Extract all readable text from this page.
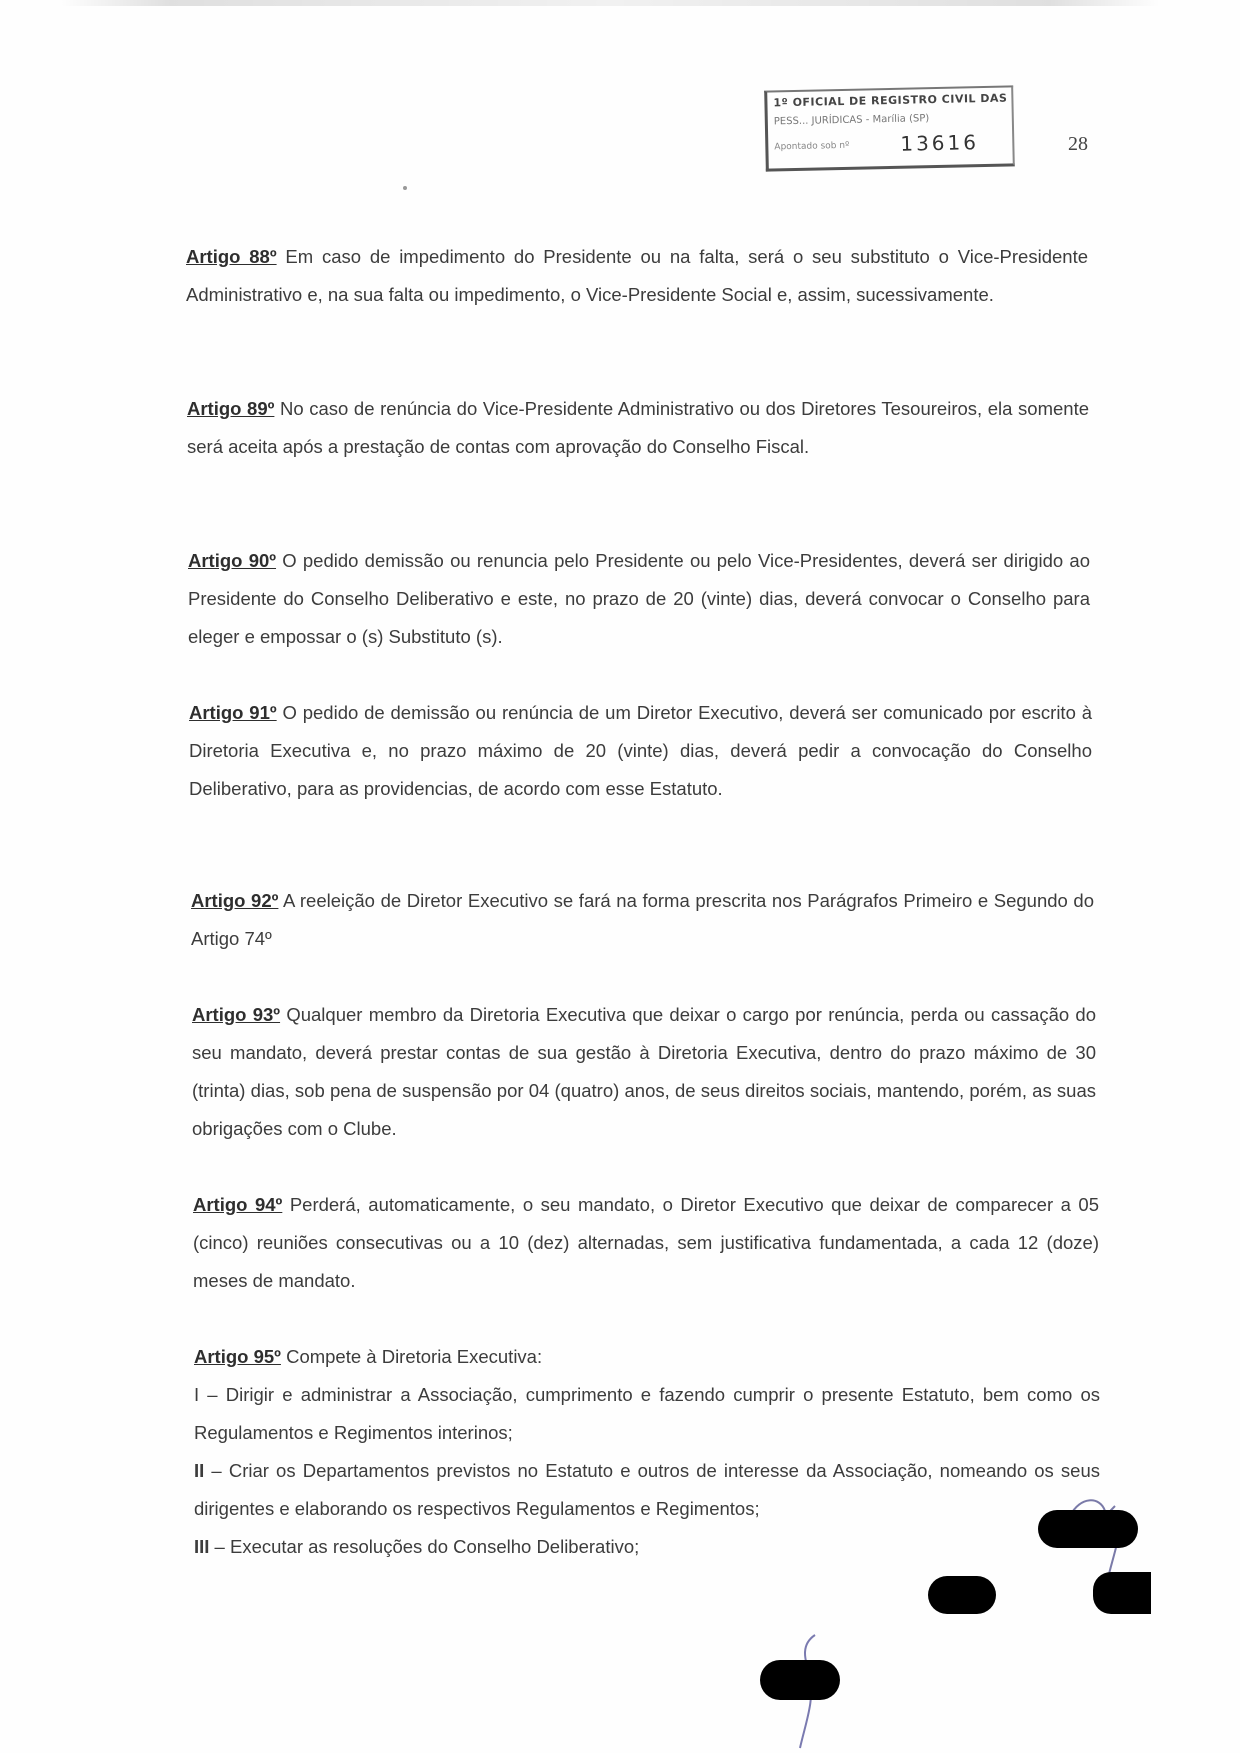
1º OFICIAL DE REGISTRO CIVIL DAS
PESS... JURÍDICAS - Marília (SP)
Apontado sob nº	13616	28
Artigo 88º Em caso de impedimento do Presidente ou na falta, será o seu substituto o Vice-Presidente Administrativo e, na sua falta ou impedimento, o Vice-Presidente Social e, assim, sucessivamente.
Artigo 89º No caso de renúncia do Vice-Presidente Administrativo ou dos Diretores Tesoureiros, ela somente será aceita após a prestação de contas com aprovação do Conselho Fiscal.
Artigo 90º O pedido demissão ou renuncia pelo Presidente ou pelo Vice-Presidentes, deverá ser dirigido ao Presidente do Conselho Deliberativo e este, no prazo de 20 (vinte) dias, deverá convocar o Conselho para eleger e empossar o (s) Substituto (s).
Artigo 91º O pedido de demissão ou renúncia de um Diretor Executivo, deverá ser comunicado por escrito à Diretoria Executiva e, no prazo máximo de 20 (vinte) dias, deverá pedir a convocação do Conselho Deliberativo, para as providencias, de acordo com esse Estatuto.
Artigo 92º A reeleição de Diretor Executivo se fará na forma prescrita nos Parágrafos Primeiro e Segundo do Artigo 74º
Artigo 93º Qualquer membro da Diretoria Executiva que deixar o cargo por renúncia, perda ou cassação do seu mandato, deverá prestar contas de sua gestão à Diretoria Executiva, dentro do prazo máximo de 30 (trinta) dias, sob pena de suspensão por 04 (quatro) anos, de seus direitos sociais, mantendo, porém, as suas obrigações com o Clube.
Artigo 94º Perderá, automaticamente, o seu mandato, o Diretor Executivo que deixar de comparecer a 05 (cinco) reuniões consecutivas ou a 10 (dez) alternadas, sem justificativa fundamentada, a cada 12 (doze) meses de mandato.

Artigo 95º Compete à Diretoria Executiva:

I – Dirigir e administrar a Associação, cumprimento e fazendo cumprir o presente Estatuto, bem como os Regulamentos e Regimentos interinos;

II – Criar os Departamentos previstos no Estatuto e outros de interesse da Associação, nomeando os seus dirigentes e elaborando os respectivos Regulamentos e Regimentos;

III – Executar as resoluções do Conselho Deliberativo;
